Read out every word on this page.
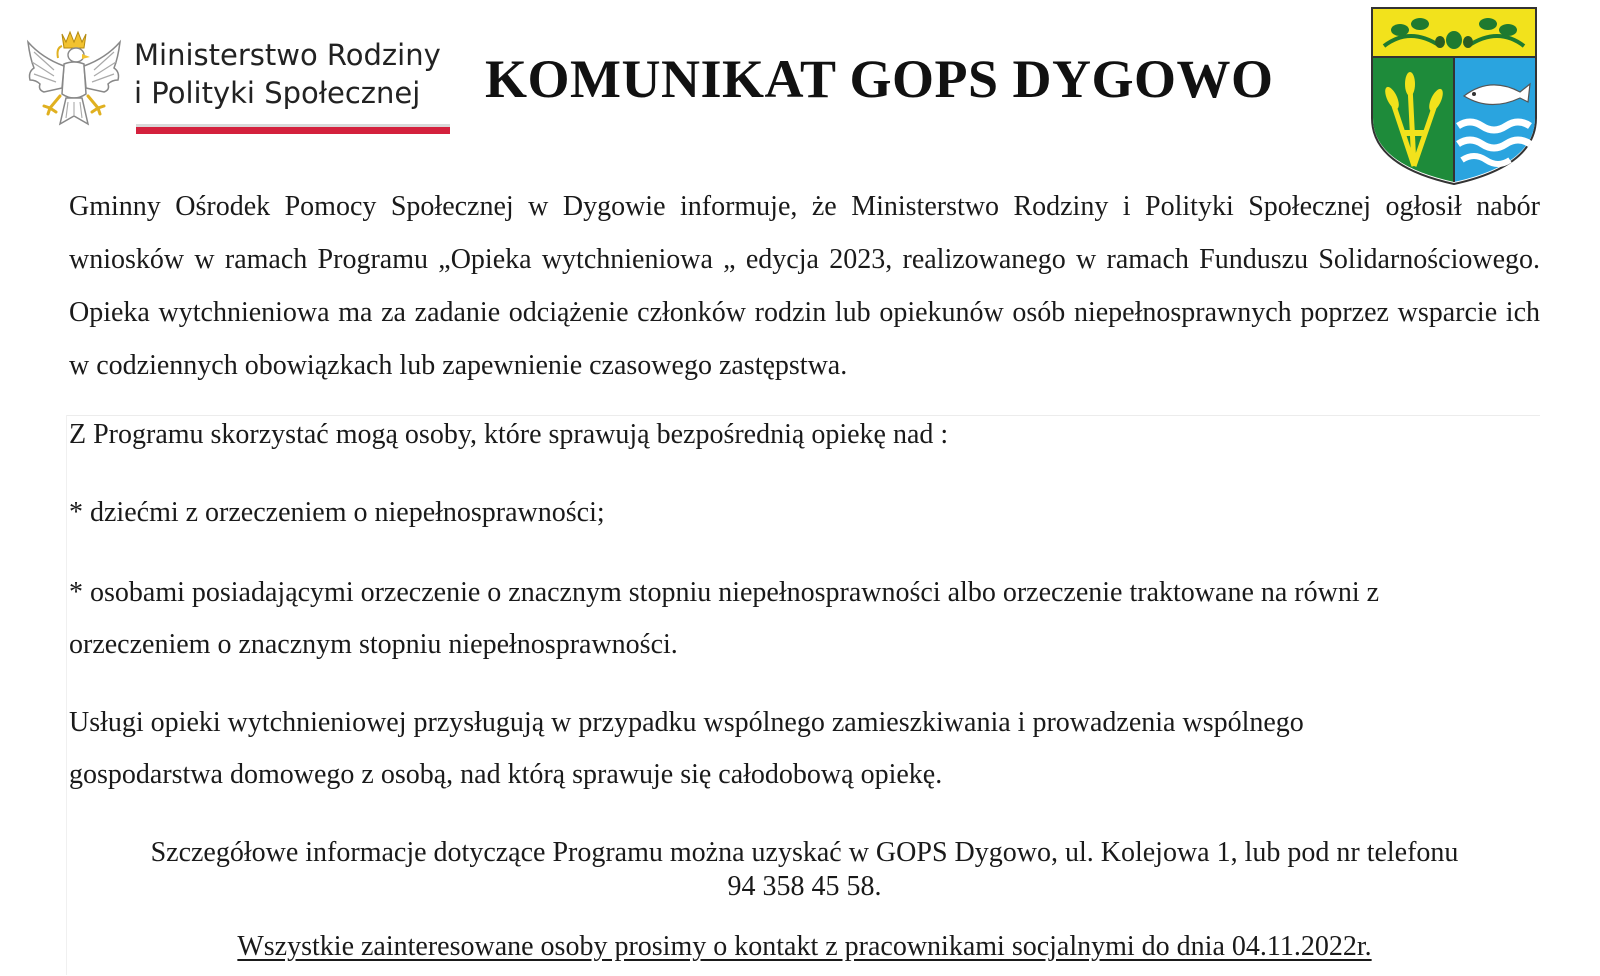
Ministerstwo Rodziny
i Polityki Społecznej	KOMUNIKAT GOPS DYGOWO
Gminny Ośrodek Pomocy Społecznej w Dygowie informuje, że Ministerstwo Rodziny i Polityki Społecznej ogłosił nabór wniosków w ramach Programu „Opieka wytchnieniowa „ edycja 2023, realizowanego w ramach Funduszu Solidarnościowego. Opieka wytchnieniowa ma za zadanie odciążenie członków rodzin lub opiekunów osób niepełnosprawnych poprzez wsparcie ich w codziennych obowiązkach lub zapewnienie czasowego zastępstwa.
Z Programu skorzystać mogą osoby, które sprawują bezpośrednią opiekę nad :
* dziećmi z orzeczeniem o niepełnosprawności;
* osobami posiadającymi orzeczenie o znacznym stopniu niepełnosprawności albo orzeczenie traktowane na równi z
orzeczeniem o znacznym stopniu niepełnosprawności.
Usługi opieki wytchnieniowej przysługują w przypadku wspólnego zamieszkiwania i prowadzenia wspólnego
gospodarstwa domowego z osobą, nad którą sprawuje się całodobową opiekę.
Szczegółowe informacje dotyczące Programu można uzyskać w GOPS Dygowo, ul. Kolejowa 1, lub pod nr telefonu
94 358 45 58.
Wszystkie zainteresowane osoby prosimy o kontakt z pracownikami socjalnymi do dnia 04.11.2022r.
